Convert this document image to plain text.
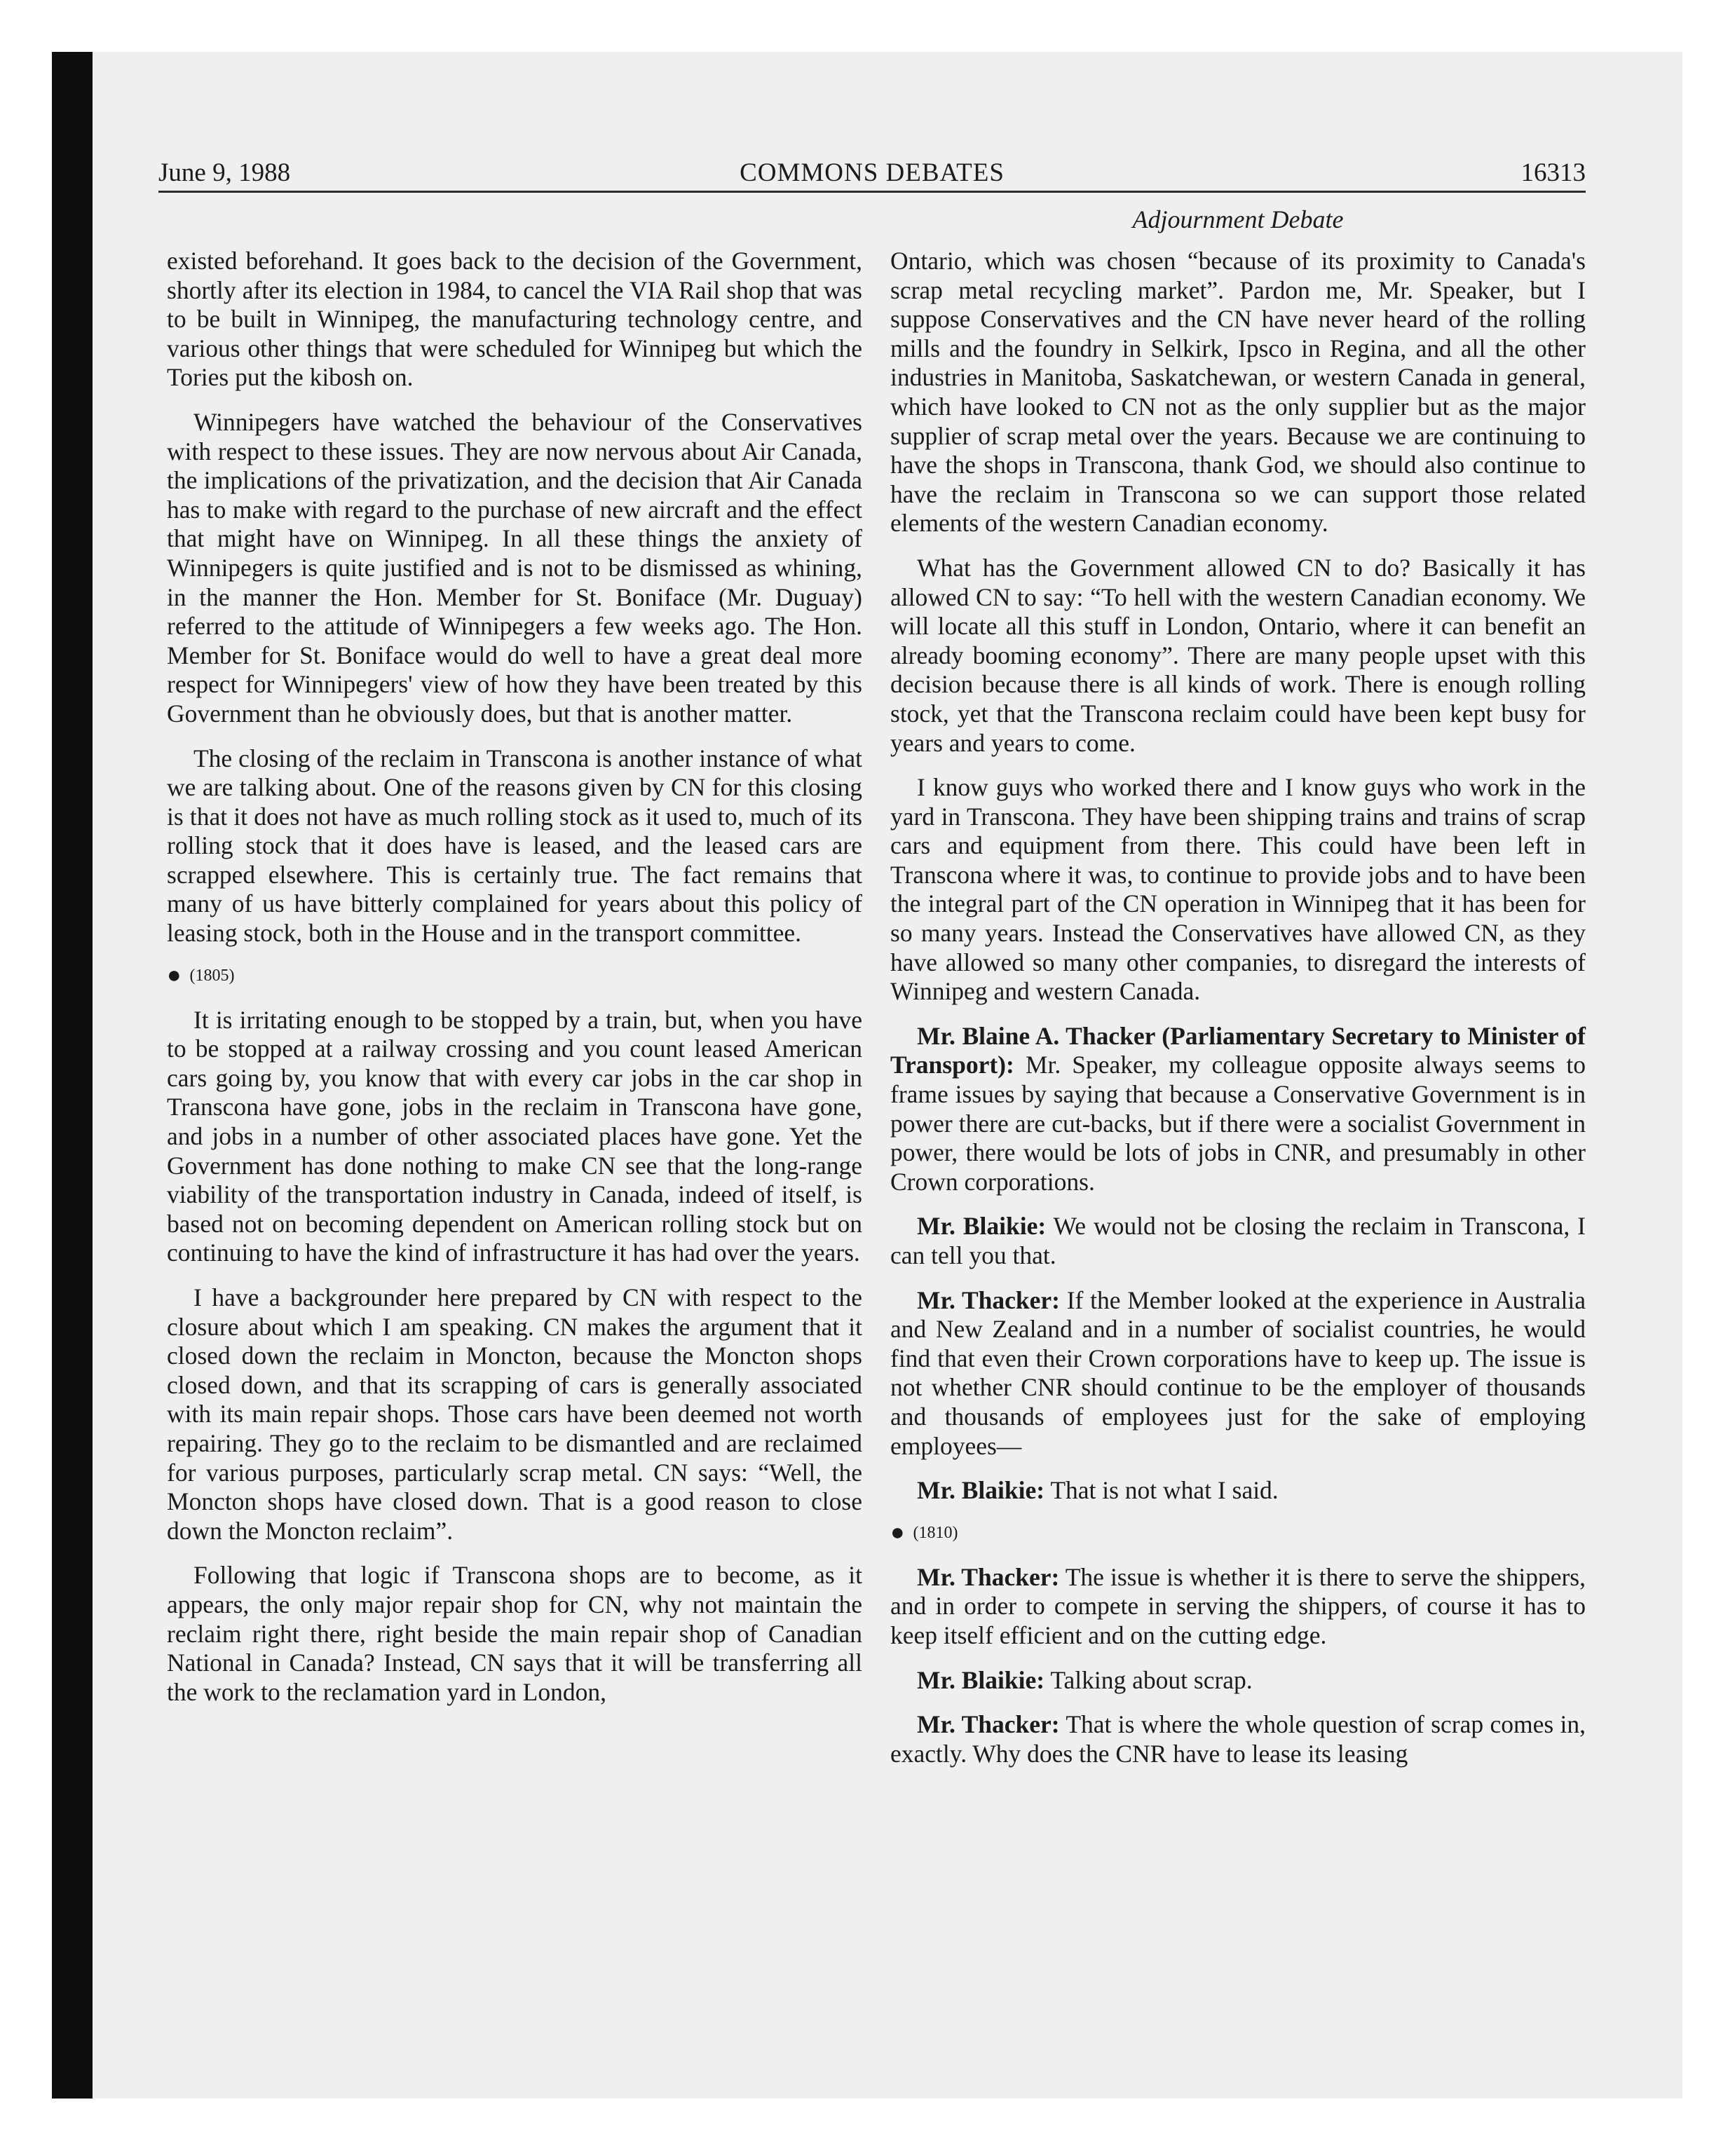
June 9, 1988	COMMONS DEBATES	16313
Adjournment Debate

existed beforehand. It goes back to the decision of the Government, shortly after its election in 1984, to cancel the VIA Rail shop that was to be built in Winnipeg, the manufacturing technology centre, and various other things that were scheduled for Winnipeg but which the Tories put the kibosh on.

Winnipegers have watched the behaviour of the Conservatives with respect to these issues. They are now nervous about Air Canada, the implications of the privatization, and the decision that Air Canada has to make with regard to the purchase of new aircraft and the effect that might have on Winnipeg. In all these things the anxiety of Winnipegers is quite justified and is not to be dismissed as whining, in the manner the Hon. Member for St. Boniface (Mr. Duguay) referred to the attitude of Winnipegers a few weeks ago. The Hon. Member for St. Boniface would do well to have a great deal more respect for Winnipegers' view of how they have been treated by this Government than he obviously does, but that is another matter.

The closing of the reclaim in Transcona is another instance of what we are talking about. One of the reasons given by CN for this closing is that it does not have as much rolling stock as it used to, much of its rolling stock that it does have is leased, and the leased cars are scrapped elsewhere. This is certainly true. The fact remains that many of us have bitterly complained for years about this policy of leasing stock, both in the House and in the transport committee.

● (1805)

It is irritating enough to be stopped by a train, but, when you have to be stopped at a railway crossing and you count leased American cars going by, you know that with every car jobs in the car shop in Transcona have gone, jobs in the reclaim in Transcona have gone, and jobs in a number of other associated places have gone. Yet the Government has done nothing to make CN see that the long-range viability of the transportation industry in Canada, indeed of itself, is based not on becoming dependent on American rolling stock but on continuing to have the kind of infrastructure it has had over the years.

I have a backgrounder here prepared by CN with respect to the closure about which I am speaking. CN makes the argument that it closed down the reclaim in Moncton, because the Moncton shops closed down, and that its scrapping of cars is generally associated with its main repair shops. Those cars have been deemed not worth repairing. They go to the reclaim to be dismantled and are reclaimed for various purposes, particularly scrap metal. CN says: “Well, the Moncton shops have closed down. That is a good reason to close down the Moncton reclaim”.

Following that logic if Transcona shops are to become, as it appears, the only major repair shop for CN, why not maintain the reclaim right there, right beside the main repair shop of Canadian National in Canada? Instead, CN says that it will be transferring all the work to the reclamation yard in London,

Ontario, which was chosen “because of its proximity to Canada's scrap metal recycling market”. Pardon me, Mr. Speaker, but I suppose Conservatives and the CN have never heard of the rolling mills and the foundry in Selkirk, Ipsco in Regina, and all the other industries in Manitoba, Saskatchewan, or western Canada in general, which have looked to CN not as the only supplier but as the major supplier of scrap metal over the years. Because we are continuing to have the shops in Transcona, thank God, we should also continue to have the reclaim in Transcona so we can support those related elements of the western Canadian economy.

What has the Government allowed CN to do? Basically it has allowed CN to say: “To hell with the western Canadian economy. We will locate all this stuff in London, Ontario, where it can benefit an already booming economy”. There are many people upset with this decision because there is all kinds of work. There is enough rolling stock, yet that the Transcona reclaim could have been kept busy for years and years to come.

I know guys who worked there and I know guys who work in the yard in Transcona. They have been shipping trains and trains of scrap cars and equipment from there. This could have been left in Transcona where it was, to continue to provide jobs and to have been the integral part of the CN operation in Winnipeg that it has been for so many years. Instead the Conservatives have allowed CN, as they have allowed so many other companies, to disregard the interests of Winnipeg and western Canada.

Mr. Blaine A. Thacker (Parliamentary Secretary to Minister of Transport): Mr. Speaker, my colleague opposite always seems to frame issues by saying that because a Conservative Government is in power there are cut-backs, but if there were a socialist Government in power, there would be lots of jobs in CNR, and presumably in other Crown corporations.

Mr. Blaikie: We would not be closing the reclaim in Transcona, I can tell you that.

Mr. Thacker: If the Member looked at the experience in Australia and New Zealand and in a number of socialist countries, he would find that even their Crown corporations have to keep up. The issue is not whether CNR should continue to be the employer of thousands and thousands of employees just for the sake of employing employees—

Mr. Blaikie: That is not what I said.

● (1810)

Mr. Thacker: The issue is whether it is there to serve the shippers, and in order to compete in serving the shippers, of course it has to keep itself efficient and on the cutting edge.

Mr. Blaikie: Talking about scrap.

Mr. Thacker: That is where the whole question of scrap comes in, exactly. Why does the CNR have to lease its leasing
